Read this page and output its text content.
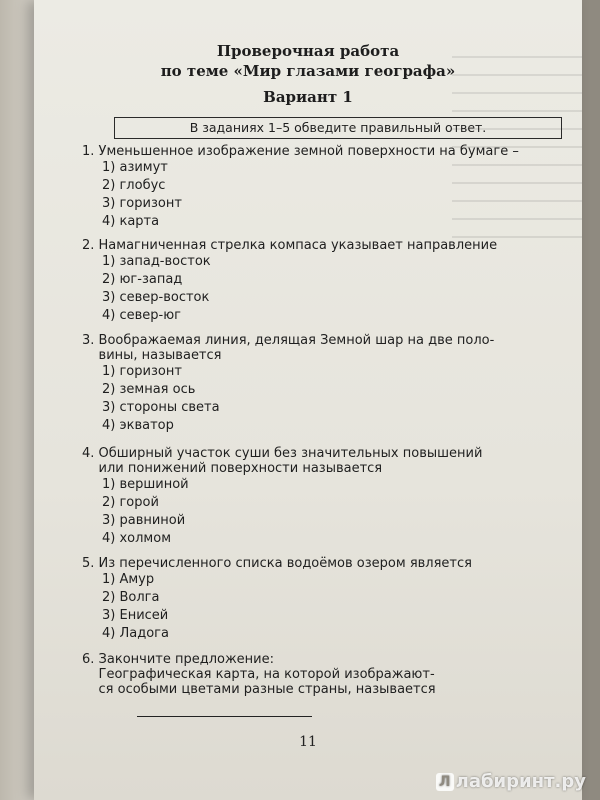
Проверочная работа
по теме «Мир глазами географа»
Вариант 1
В заданиях 1–5 обведите правильный ответ.
1. Уменьшенное изображение земной поверхности на бумаге –
1) азимут
2) глобус
3) горизонт
4) карта
2. Намагниченная стрелка компаса указывает направление
1) запад-восток
2) юг-запад
3) север-восток
4) север-юг
3. Воображаемая линия, делящая Земной шар на две поло-
вины, называется
1) горизонт
2) земная ось
3) стороны света
4) экватор
4. Обширный участок суши без значительных повышений
или понижений поверхности называется
1) вершиной
2) горой
3) равниной
4) холмом
5. Из перечисленного списка водоёмов озером является
1) Амур
2) Волга
3) Енисей
4) Ладога
6. Закончите предложение:
Географическая карта, на которой изображают-
ся особыми цветами разные страны, называется
11
Л лабиринт.ру
